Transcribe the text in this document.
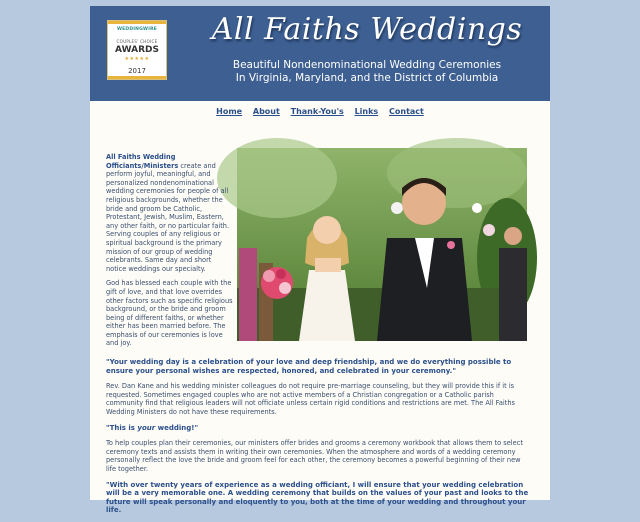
WEDDINGWIRE
COUPLES' CHOICE
AWARDS
★★★★★
2017
All Faiths Weddings
Beautiful Nondenominational Wedding Ceremonies
In Virginia, Maryland, and the District of Columbia
Home About Thank-You's Links Contact

All Faiths Wedding Officiants/Ministers create and perform joyful, meaningful, and personalized nondenominational wedding ceremonies for people of all religious backgrounds, whether the bride and groom be Catholic, Protestant, Jewish, Muslim, Eastern, any other faith, or no particular faith. Serving couples of any religious or spiritual background is the primary mission of our group of wedding celebrants. Same day and short notice weddings our specialty.

God has blessed each couple with the gift of love, and that love overrides other factors such as specific religious background, or the bride and groom being of different faiths, or whether either has been married before. The emphasis of our ceremonies is love and joy.

"Your wedding day is a celebration of your love and deep friendship, and we do everything possible to ensure your personal wishes are respected, honored, and celebrated in your ceremony."

Rev. Dan Kane and his wedding minister colleagues do not require pre-marriage counseling, but they will provide this if it is requested. Sometimes engaged couples who are not active members of a Christian congregation or a Catholic parish community find that religious leaders will not officiate unless certain rigid conditions and restrictions are met. The All Faiths Wedding Ministers do not have these requirements.

"This is your wedding!"

To help couples plan their ceremonies, our ministers offer brides and grooms a ceremony workbook that allows them to select ceremony texts and assists them in writing their own ceremonies. When the atmosphere and words of a wedding ceremony personally reflect the love the bride and groom feel for each other, the ceremony becomes a powerful beginning of their new life together.

"With over twenty years of experience as a wedding officiant, I will ensure that your wedding celebration will be a very memorable one. A wedding ceremony that builds on the values of your past and looks to the future will speak personally and eloquently to you, both at the time of your wedding and throughout your life.
